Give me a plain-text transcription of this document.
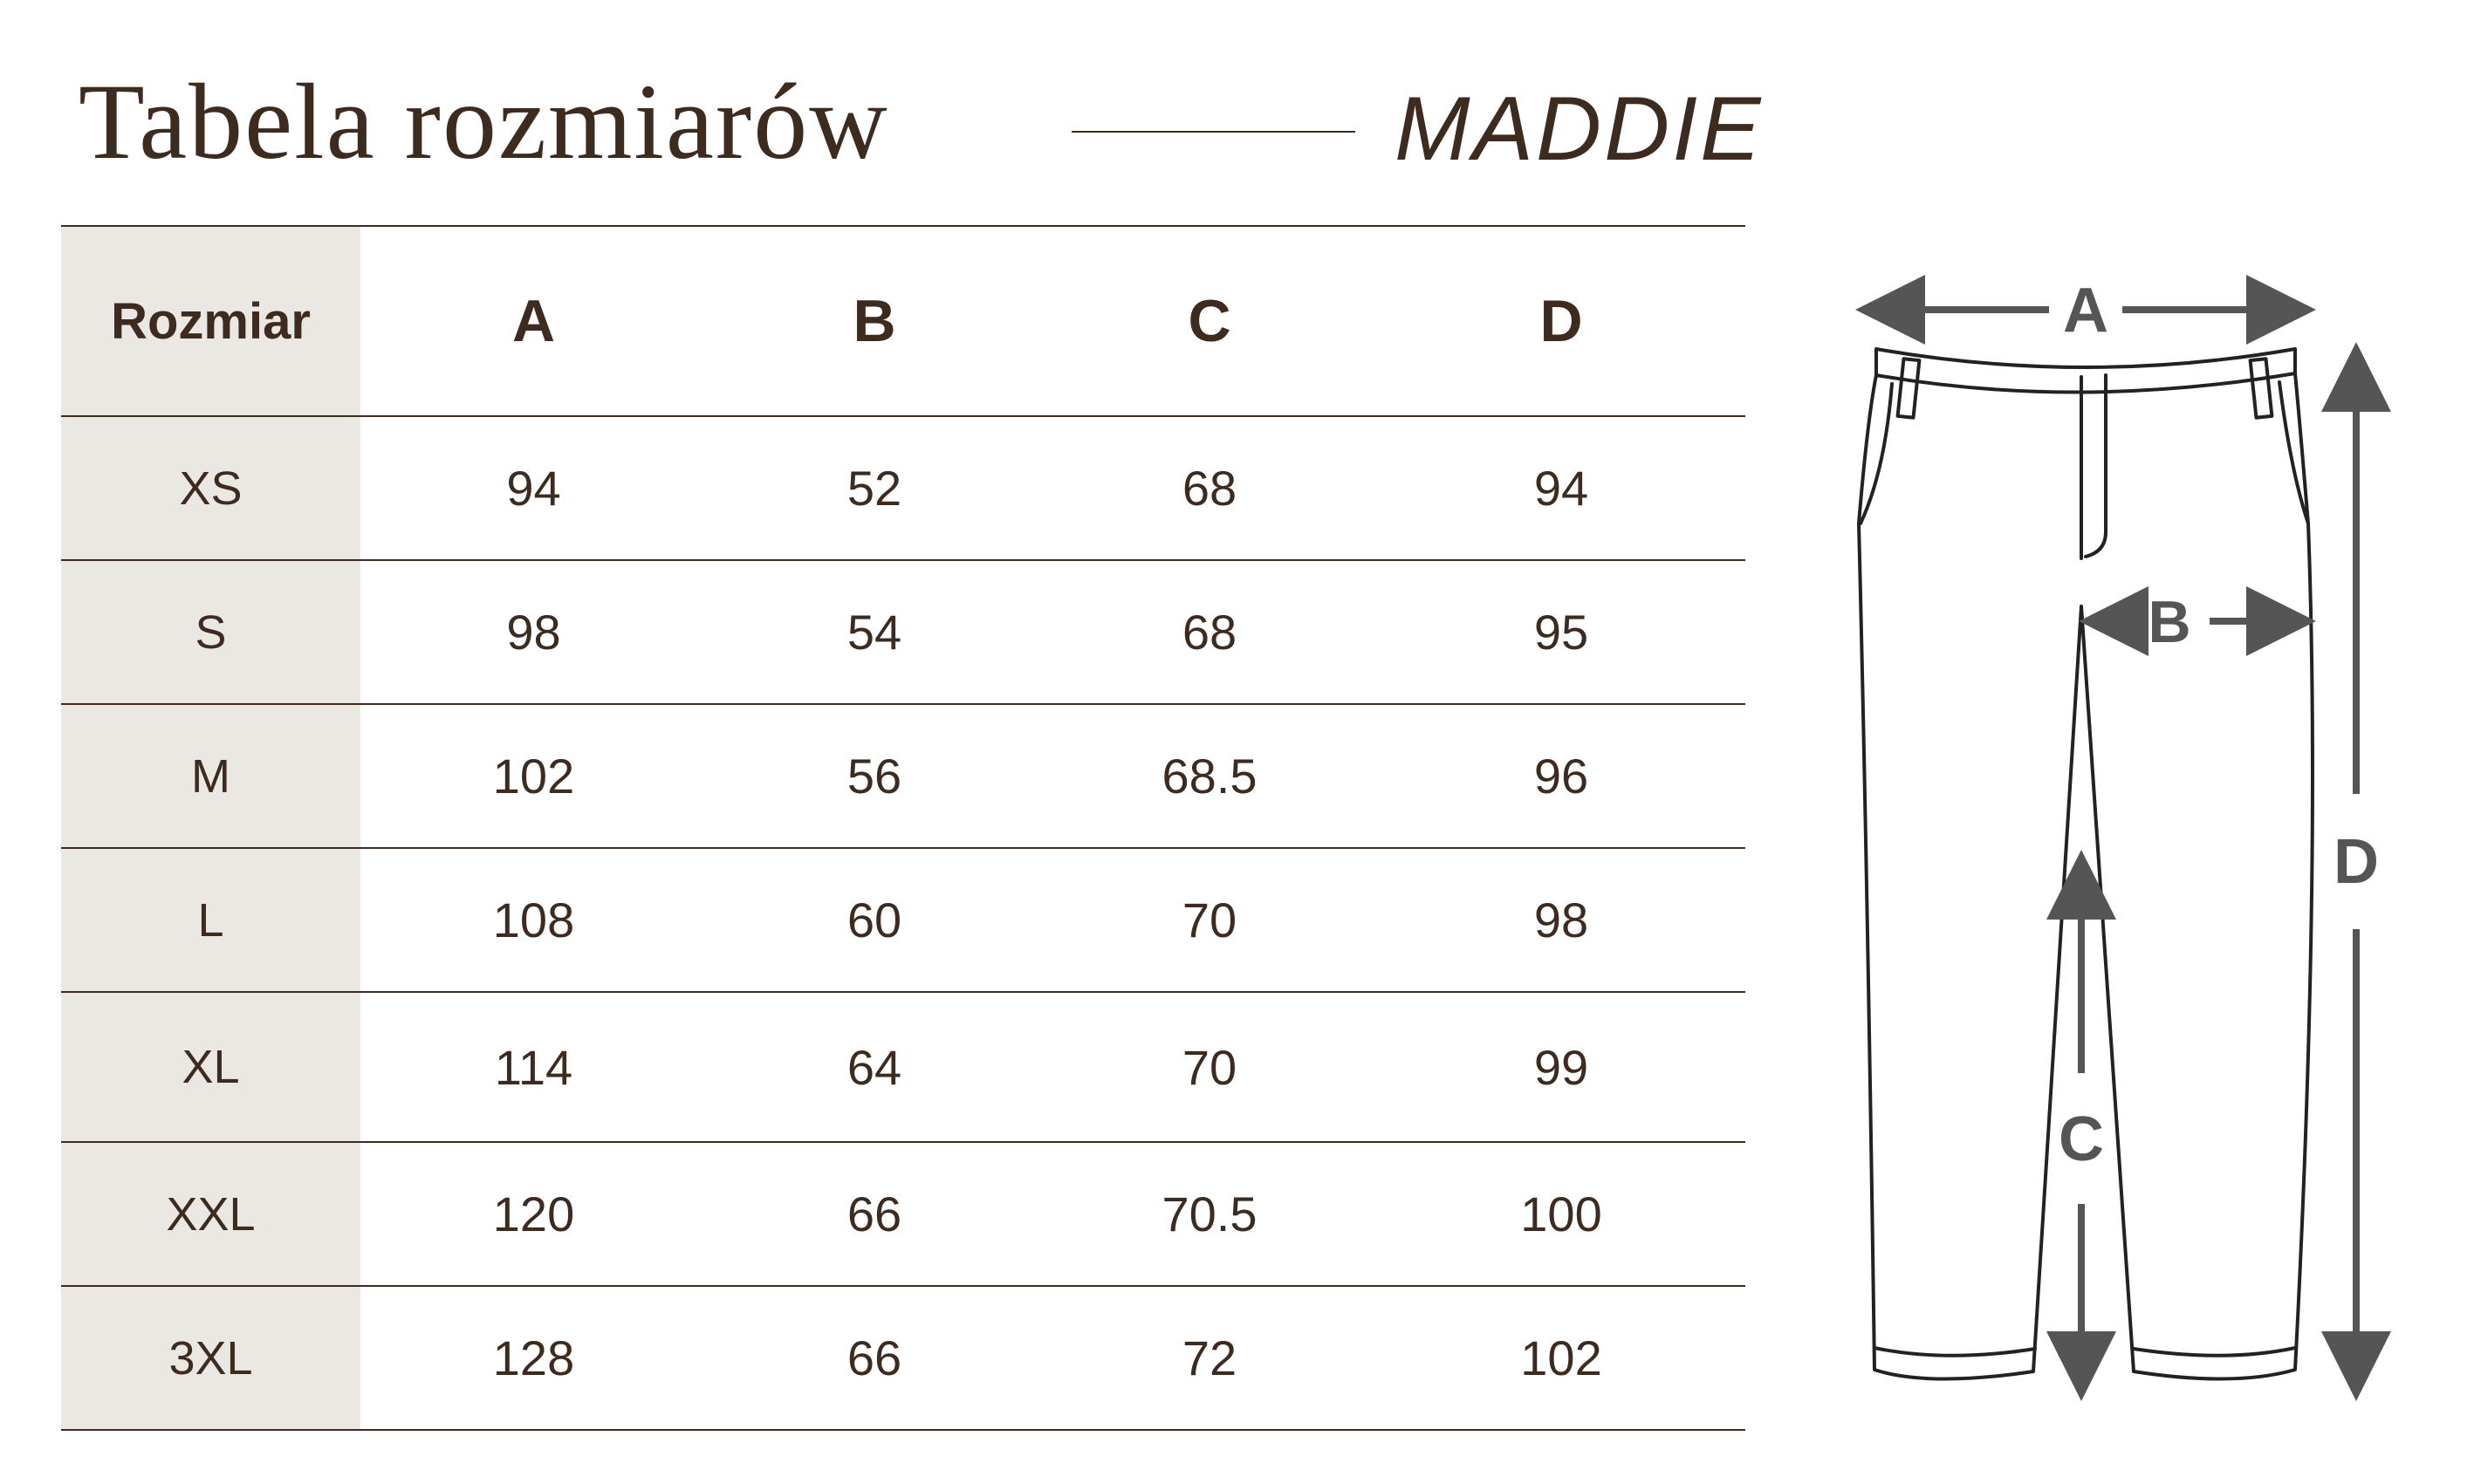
Tabela rozmiarów	MADDIE
Rozmiar	A	B	C	D
XS	94	52	68	94
S	98	54	68	95
M	102	56	68.5	96
L	108	60	70	98
XL	114	64	70	99
XXL	120	66	70.5	100
3XL	128	66	72	102
A
B
C
D
